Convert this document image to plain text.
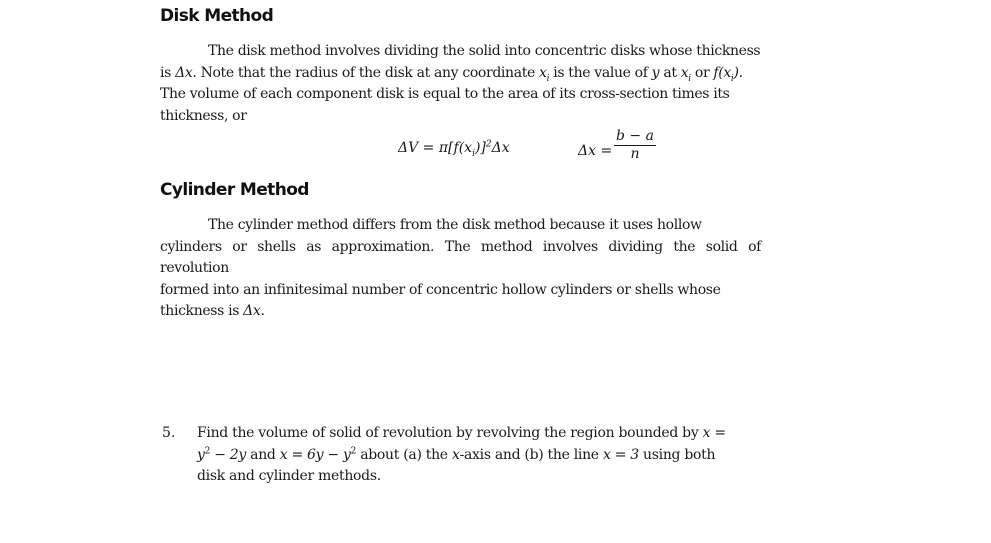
Disk Method
The disk method involves dividing the solid into concentric disks whose thickness
is Δx. Note that the radius of the disk at any coordinate $x_i$ is the value of y at $x_i$ or $f(x_i)$.
The volume of each component disk is equal to the area of its cross-section times its
thickness, or
$\Delta V = \pi[f(x_i)]^2\Delta x$	$\Delta x = \frac{b - a}{n}$
Cylinder Method
The cylinder method differs from the disk method because it uses hollow
cylinders or shells as approximation. The method involves dividing the solid of revolution
formed into an infinitesimal number of concentric hollow cylinders or shells whose
thickness is Δx.
5. Find the volume of solid of revolution by revolving the region bounded by x =
$y^2 - 2y$ and $x = 6y - y^2$ about (a) the x-axis and (b) the line x = 3 using both
disk and cylinder methods.
